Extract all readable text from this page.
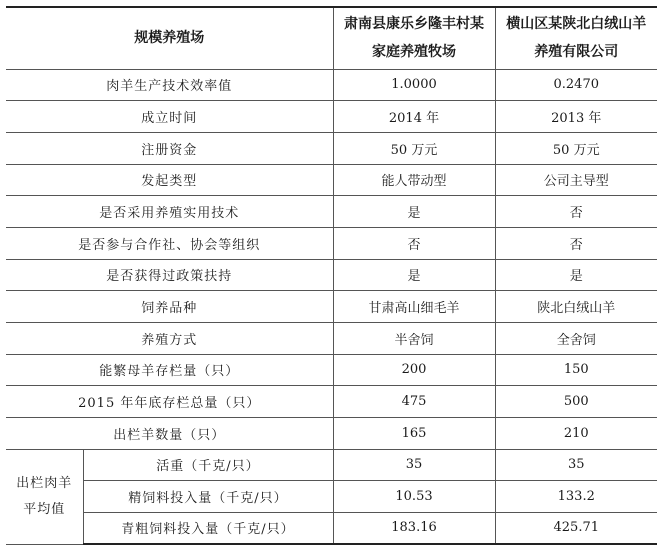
规模养殖场		肃南县康乐乡隆丰村某家庭养殖牧场	横山区某陕北白绒山羊养殖有限公司
肉羊生产技术效率值		1.0000	0.2470
成立时间		2014 年	2013 年
注册资金		50 万元	50 万元
发起类型		能人带动型	公司主导型
是否采用养殖实用技术		是	否
是否参与合作社、协会等组织		否	否
是否获得过政策扶持		是	是
饲养品种		甘肃高山细毛羊	陕北白绒山羊
养殖方式		半舍饲	全舍饲
能繁母羊存栏量（只）		200	150
2015 年年底存栏总量（只）		475	500
出栏羊数量（只）		165	210
出栏肉羊平均值	活重（千克/只）	35	35
	精饲料投入量（千克/只）	10.53	133.2
	青粗饲料投入量（千克/只）	183.16	425.71
